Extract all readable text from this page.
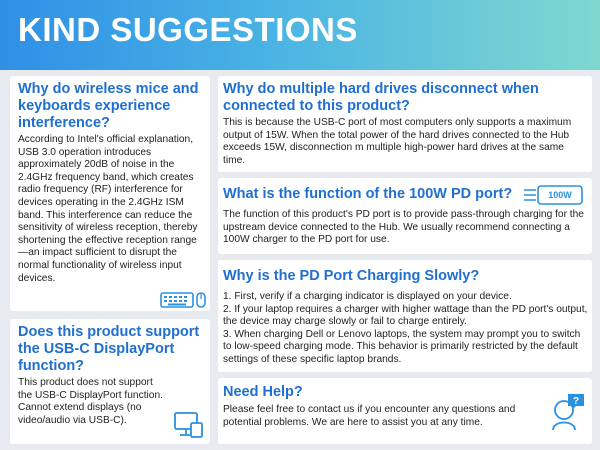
KIND SUGGESTIONS
Why do wireless mice and keyboards experience interference?

According to Intel's official explanation, USB 3.0 operation introduces approximately 20dB of noise in the 2.4GHz frequency band, which creates radio frequency (RF) interference for devices operating in the 2.4GHz ISM band. This interference can reduce the sensitivity of wireless reception, thereby shortening the effective reception range—an impact sufficient to disrupt the normal functionality of wireless input devices.

Does this product support the USB-C DisplayPort function?

This product does not support the USB-C DisplayPort function. Cannot extend displays (no video/audio via USB-C).

Why do multiple hard drives disconnect when connected to this product?

This is because the USB-C port of most computers only supports a maximum output of 15W. When the total power of the hard drives connected to the Hub exceeds 15W, disconnection m multiple high-power hard drives at the same time.

What is the function of the 100W PD port?	100W

The function of this product's PD port is to provide pass-through charging for the upstream device connected to the Hub. We usually recommend connecting a 100W charger to the PD port for use.

Why is the PD Port Charging Slowly?

1. First, verify if a charging indicator is displayed on your device.
2. If your laptop requires a charger with higher wattage than the PD port's output, the device may charge slowly or fail to charge entirely.
3. When charging Dell or Lenovo laptops, the system may prompt you to switch to low-speed charging mode. This behavior is primarily restricted by the default settings of these specific laptop brands.

Need Help?

Please feel free to contact us if you encounter any questions and potential problems. We are here to assist you at any time.

?
